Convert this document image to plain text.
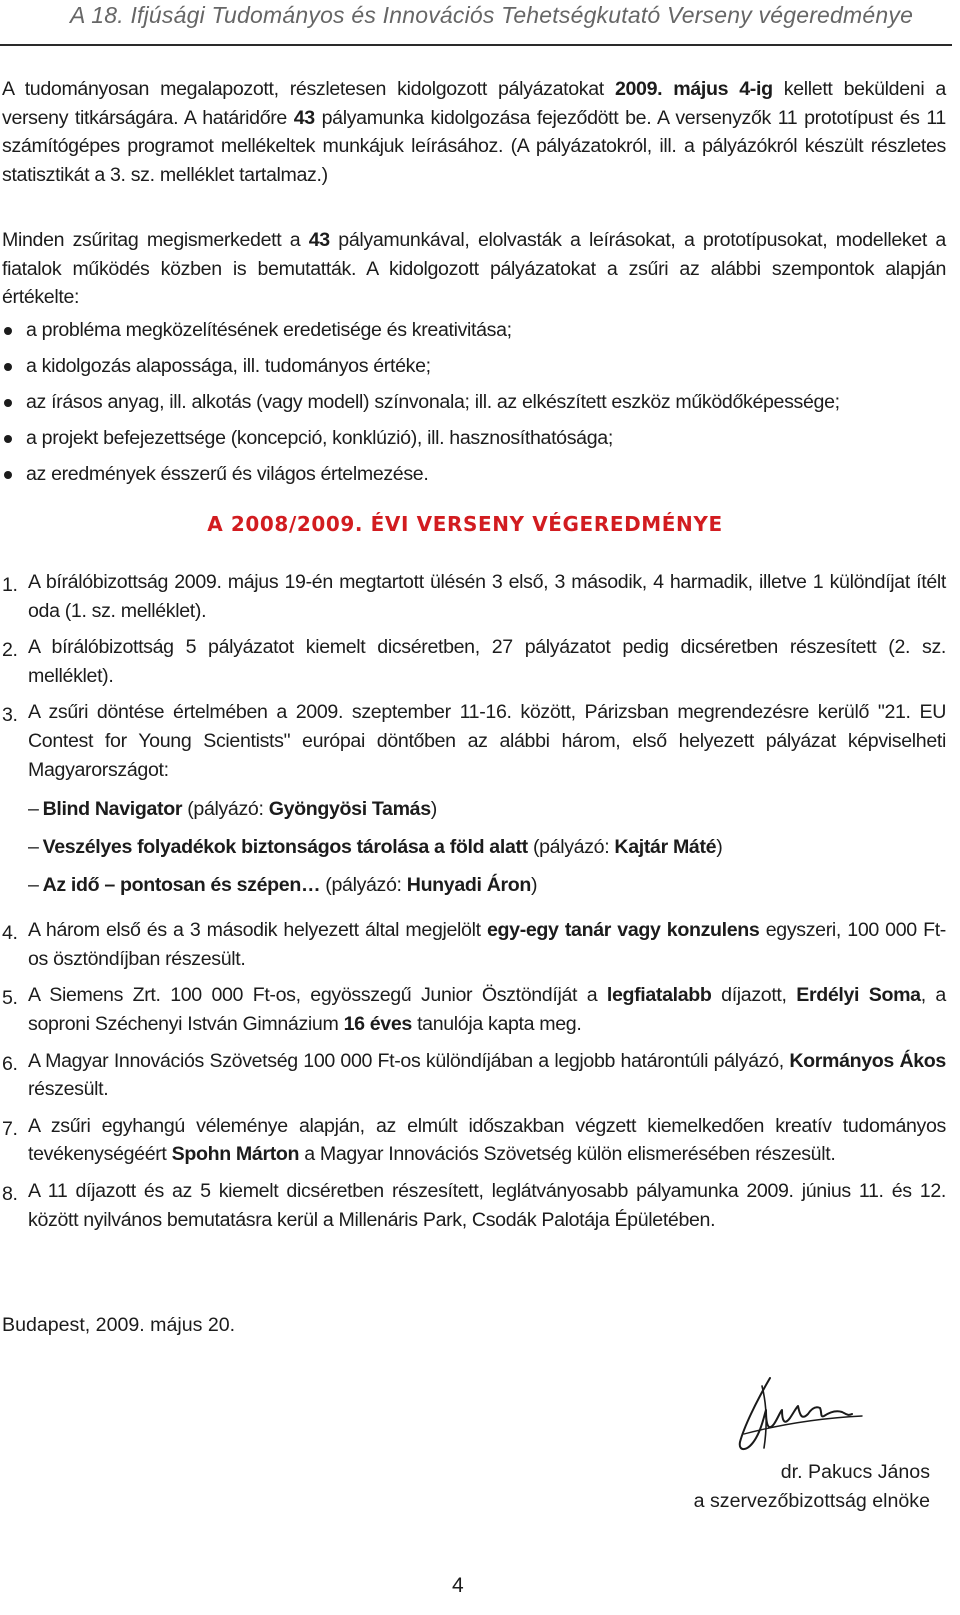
A 18. Ifjúsági Tudományos és Innovációs Tehetségkutató Verseny végeredménye

A tudományosan megalapozott, részletesen kidolgozott pályázatokat 2009. május 4-ig kellett beküldeni a verseny titkárságára. A határidőre 43 pályamunka kidolgozása fejeződött be. A versenyzők 11 prototípust és 11 számítógépes programot mellékeltek munkájuk leírásához. (A pályázatokról, ill. a pályázókról készült részletes statisztikát a 3. sz. melléklet tartalmaz.)

Minden zsűritag megismerkedett a 43 pályamunkával, elolvasták a leírásokat, a prototípusokat, modelleket a fiatalok működés közben is bemutatták. A kidolgozott pályázatokat a zsűri az alábbi szempontok alapján értékelte:

a probléma megközelítésének eredetisége és kreativitása;
a kidolgozás alapossága, ill. tudományos értéke;
az írásos anyag, ill. alkotás (vagy modell) színvonala; ill. az elkészített eszköz működőképessége;
a projekt befejezettsége (koncepció, konklúzió), ill. hasznosíthatósága;
az eredmények ésszerű és világos értelmezése.
A 2008/2009. ÉVI VERSENY VÉGEREDMÉNYE
1. A bírálóbizottság 2009. május 19-én megtartott ülésén 3 első, 3 második, 4 harmadik, illetve 1 különdíjat ítélt oda (1. sz. melléklet).
2. A bírálóbizottság 5 pályázatot kiemelt dicséretben, 27 pályázatot pedig dicséretben részesített (2. sz. melléklet).
3. A zsűri döntése értelmében a 2009. szeptember 11-16. között, Párizsban megrendezésre kerülő "21. EU Contest for Young Scientists" európai döntőben az alábbi három, első helyezett pályázat képviselheti Magyarországot:
– Blind Navigator (pályázó: Gyöngyösi Tamás)
– Veszélyes folyadékok biztonságos tárolása a föld alatt (pályázó: Kajtár Máté)
– Az idő – pontosan és szépen… (pályázó: Hunyadi Áron)
4. A három első és a 3 második helyezett által megjelölt egy-egy tanár vagy konzulens egyszeri, 100 000 Ft-os ösztöndíjban részesült.
5. A Siemens Zrt. 100 000 Ft-os, egyösszegű Junior Ösztöndíját a legfiatalabb díjazott, Erdélyi Soma, a soproni Széchenyi István Gimnázium 16 éves tanulója kapta meg.
6. A Magyar Innovációs Szövetség 100 000 Ft-os különdíjában a legjobb határontúli pályázó, Kormányos Ákos részesült.
7. A zsűri egyhangú véleménye alapján, az elmúlt időszakban végzett kiemelkedően kreatív tudományos tevékenységéért Spohn Márton a Magyar Innovációs Szövetség külön elismerésében részesült.
8. A 11 díjazott és az 5 kiemelt dicséretben részesített, leglátványosabb pályamunka 2009. június 11. és 12. között nyilvános bemutatásra kerül a Millenáris Park, Csodák Palotája Épületében.
Budapest, 2009. május 20.
dr. Pakucs János
a szervezőbizottság elnöke
4
